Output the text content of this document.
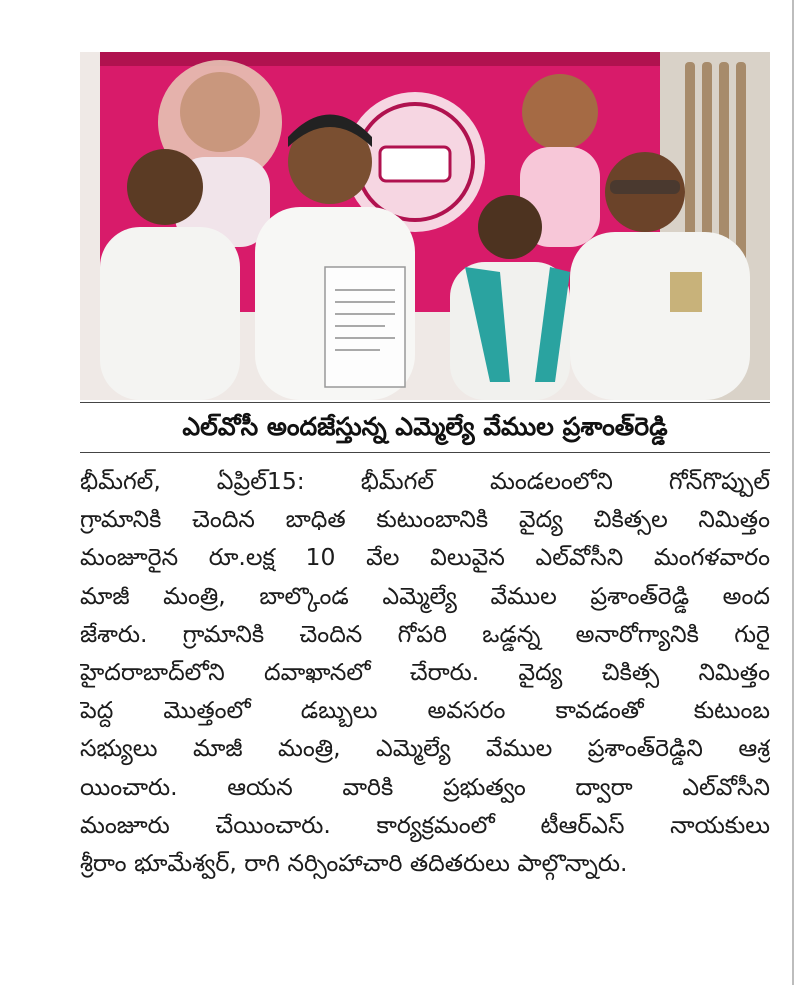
ఎల్‌వోసీ అందజేస్తున్న ఎమ్మెల్యే వేముల ప్రశాంత్‌రెడ్డి
భీమ్‌గల్, ఏప్రిల్15: భీమ్‌గల్ మండలంలోని గోన్‌గొప్పుల్
గ్రామానికి చెందిన బాధిత కుటుంబానికి వైద్య చికిత్సల నిమిత్తం
మంజూరైన రూ.లక్ష 10 వేల విలువైన ఎల్‌వోసీని మంగళవారం
మాజీ మంత్రి, బాల్కొండ ఎమ్మెల్యే వేముల ప్రశాంత్‌రెడ్డి అంద
జేశారు. గ్రామానికి చెందిన గోపరి ఒడ్డన్న అనారోగ్యానికి గురై
హైదరాబాద్‌లోని దవాఖానలో చేరారు. వైద్య చికిత్స నిమిత్తం
పెద్ద మొత్తంలో డబ్బులు అవసరం కావడంతో కుటుంబ
సభ్యులు మాజీ మంత్రి, ఎమ్మెల్యే వేముల ప్రశాంత్‌రెడ్డిని ఆశ్ర
యించారు. ఆయన వారికి ప్రభుత్వం ద్వారా ఎల్‌వోసీని
మంజూరు చేయించారు. కార్యక్రమంలో టీఆర్ఎస్ నాయకులు
శ్రీరాం భూమేశ్వర్, రాగి నర్సింహాచారి తదితరులు పాల్గొన్నారు.
